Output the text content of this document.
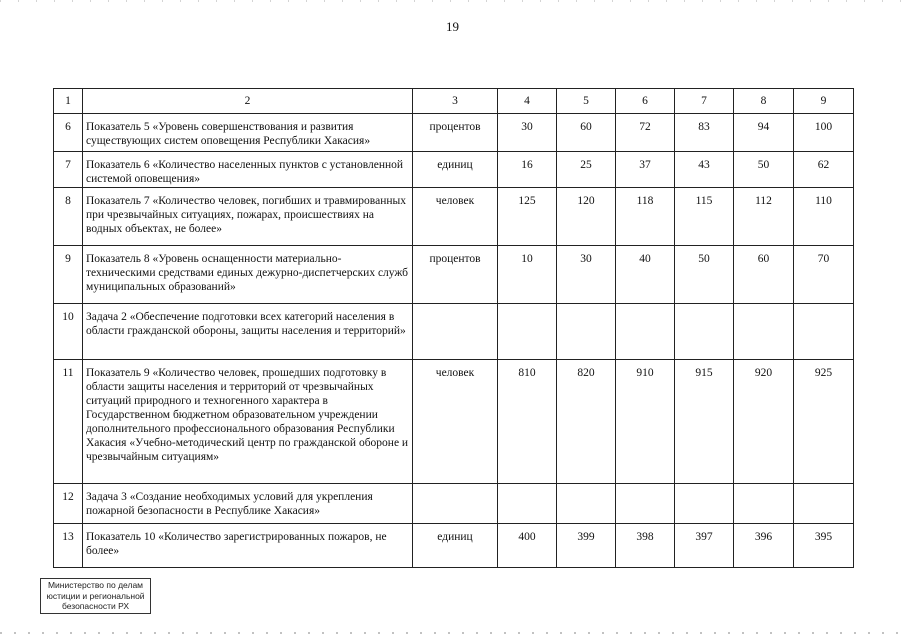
19
1	2	3	4	5	6	7	8	9
6	Показатель 5 «Уровень совершенствования и развития существующих систем оповещения Республики Хакасия»	процентов	30	60	72	83	94	100
7	Показатель 6 «Количество населенных пунктов с установленной системой оповещения»	единиц	16	25	37	43	50	62
8	Показатель 7 «Количество человек, погибших и травмированных при чрезвычайных ситуациях, пожарах, происшествиях на водных объектах, не более»	человек	125	120	118	115	112	110
9	Показатель 8 «Уровень оснащенности материально-техническими средствами единых дежурно-диспетчерских служб муниципальных образований»	процентов	10	30	40	50	60	70
10	Задача 2 «Обеспечение подготовки всех категорий населения в области гражданской обороны, защиты населения и территорий»							
11	Показатель 9 «Количество человек, прошедших подготовку в области защиты населения и территорий от чрезвычайных ситуаций природного и техногенного характера в Государственном бюджетном образовательном учреждении дополнительного профессионального образования Республики Хакасия «Учебно-методический центр по гражданской обороне и чрезвычайным ситуациям»	человек	810	820	910	915	920	925
12	Задача 3 «Создание необходимых условий для укрепления пожарной безопасности в Республике Хакасия»							
13	Показатель 10 «Количество зарегистрированных пожаров, не более»	единиц	400	399	398	397	396	395
Министерство по делам
юстиции и региональной
безопасности РХ
